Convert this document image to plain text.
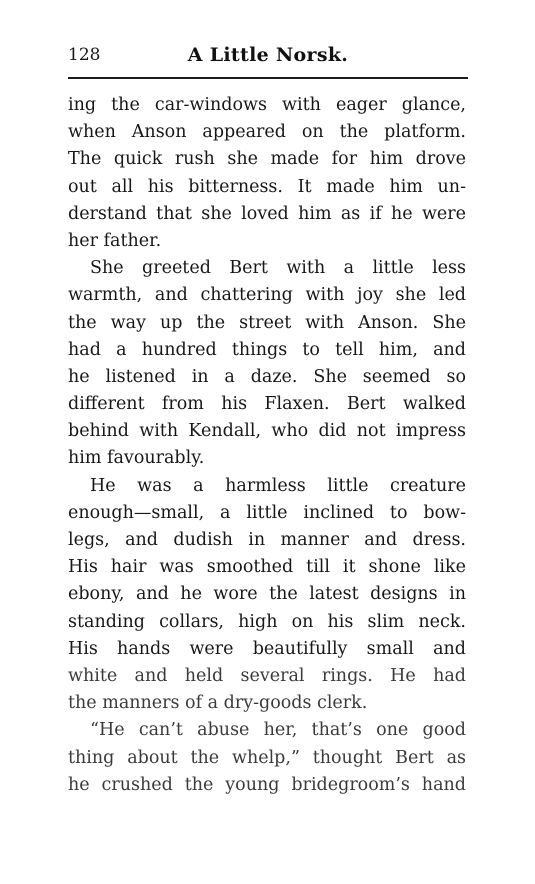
128	A Little Norsk.

ing the car-windows with eager glance,
when Anson appeared on the platform.
The quick rush she made for him drove
out all his bitterness. It made him un-
derstand that she loved him as if he were
her father.

She greeted Bert with a little less
warmth, and chattering with joy she led
the way up the street with Anson. She
had a hundred things to tell him, and
he listened in a daze. She seemed so
different from his Flaxen. Bert walked
behind with Kendall, who did not impress
him favourably.

He was a harmless little creature
enough—small, a little inclined to bow-
legs, and dudish in manner and dress.
His hair was smoothed till it shone like
ebony, and he wore the latest designs in
standing collars, high on his slim neck.
His hands were beautifully small and
white and held several rings. He had
the manners of a dry-goods clerk.

“He can’t abuse her, that’s one good
thing about the whelp,” thought Bert as
he crushed the young bridegroom’s hand
